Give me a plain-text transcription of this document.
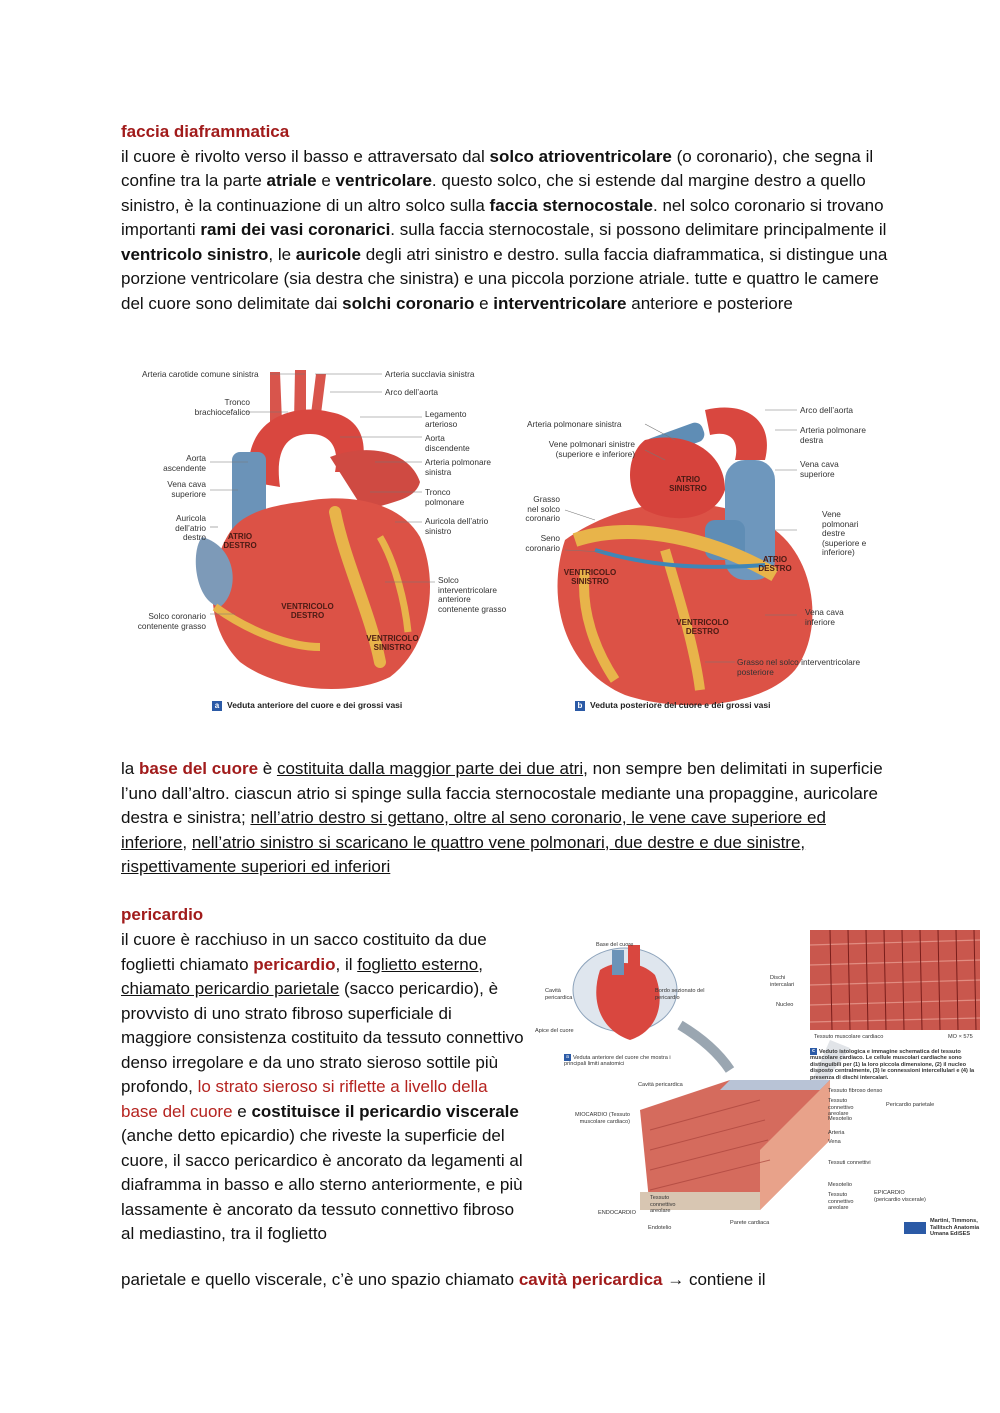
faccia diaframmatica
il cuore è rivolto verso il basso e attraversato dal solco atrioventricolare (o coronario), che segna il confine tra la parte atriale e ventricolare. questo solco, che si estende dal margine destro a quello sinistro, è la continuazione di un altro solco sulla faccia sternocostale. nel solco coronario si trovano importanti rami dei vasi coronarici. sulla faccia sternocostale, si possono delimitare principalmente il ventricolo sinistro, le auricole degli atri sinistro e destro. sulla faccia diaframmatica, si distingue una porzione ventricolare (sia destra che sinistra) e una piccola porzione atriale. tutte e quattro le camere del cuore sono delimitate dai solchi coronario e interventricolare anteriore e posteriore
Arteria carotide comune sinistra
Tronco brachiocefalico
Aorta ascendente
Vena cava superiore
Auricola dell’atrio destro
Solco coronario contenente grasso
Arteria succlavia sinistra
Arco dell’aorta
Legamento arterioso
Aorta discendente
Arteria polmonare sinistra
Tronco polmonare
Auricola dell’atrio sinistro
Solco interventricolare anteriore contenente grasso
ATRIO DESTRO
VENTRICOLO DESTRO
VENTRICOLO SINISTRO
a Veduta anteriore del cuore e dei grossi vasi
Arteria polmonare sinistra
Vene polmonari sinistre (superiore e inferiore)
Grasso nel solco coronario
Seno coronario
Arco dell’aorta
Arteria polmonare destra
Vena cava superiore
Vene polmonari destre (superiore e inferiore)
Vena cava inferiore
Grasso nel solco interventricolare posteriore
ATRIO SINISTRO
VENTRICOLO SINISTRO
ATRIO DESTRO
VENTRICOLO DESTRO
b Veduta posteriore del cuore e dei grossi vasi
la base del cuore è costituita dalla maggior parte dei due atri, non sempre ben delimitati in superficie l’uno dall’altro. ciascun atrio si spinge sulla faccia sternocostale mediante una propaggine, auricolare destra e sinistra; nell’atrio destro si gettano, oltre al seno coronario, le vene cave superiore ed inferiore, nell’atrio sinistro si scaricano le quattro vene polmonari, due destre e due sinistre, rispettivamente superiori ed inferiori
pericardio
il cuore è racchiuso in un sacco costituito da due foglietti chiamato pericardio, il foglietto esterno, chiamato pericardio parietale (sacco pericardio), è provvisto di uno strato fibroso superficiale di maggiore consistenza costituito da tessuto connettivo denso irregolare e da uno strato sieroso sottile più profondo, lo strato sieroso si riflette a livello della base del cuore e costituisce il pericardio viscerale (anche detto epicardio) che riveste la superficie del cuore, il sacco pericardico è ancorato da legamenti al diaframma in basso e allo sterno anteriormente, e più lassamente è ancorato da tessuto connettivo fibroso al mediastino, tra il foglietto
parietale e quello viscerale, c’è uno spazio chiamato cavità pericardica → contiene il
Base del cuore
Cavità pericardica
Bordo sezionato del pericardio
Apice del cuore
Dischi intercalari
Nucleo
Tessuto muscolare cardiaco	MO × 575
a Veduta anteriore del cuore che mostra i principali limiti anatomici
c Veduto istologica e immagine schematica del tessuto muscolare cardiaco. Le cellule muscolari cardiache sono distinguibili per (1) la loro piccola dimensione, (2) il nucleo disposto centralmente, (3) le connessioni intercellulari e (4) la presenza di dischi intercalari.
Cavità pericardica
Tessuto fibroso denso
Tessuto connettivo areolare
Mesotelio
Pericardio parietale
MIOCARDIO (Tessuto muscolare cardiaco)
Arteria
Vena
Tessuti connettivi
Mesotelio
Tessuto connettivo areolare
EPICARDIO (pericardio viscerale)
Tessuto connettivo areolare
ENDOCARDIO
Endotelio
Parete cardiaca	Martini, Timmons, Tallitsch Anatomia Umana EdiSES
